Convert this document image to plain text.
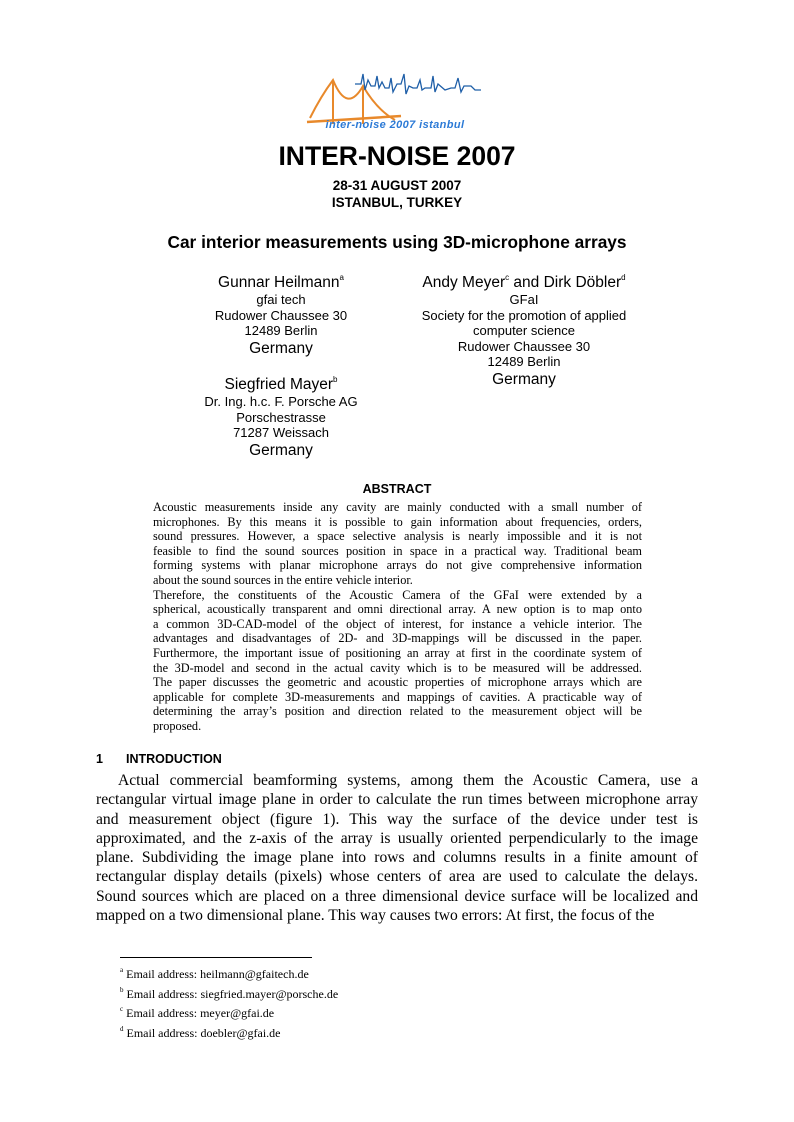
inter-noise 2007 istanbul
INTER-NOISE 2007
28-31 AUGUST 2007
ISTANBUL, TURKEY
Car interior measurements using 3D-microphone arrays
Gunnar Heilmann$^a$
gfai tech
Rudower Chaussee 30
12489 Berlin
Germany
Andy Meyer$^c$ and Dirk Döbler$^d$
GFaI
Society for the promotion of applied
computer science
Rudower Chaussee 30
12489 Berlin
Germany
Siegfried Mayer$^b$
Dr. Ing. h.c. F. Porsche AG
Porschestrasse
71287 Weissach
Germany
ABSTRACT

Acoustic measurements inside any cavity are mainly conducted with a small number of
microphones. By this means it is possible to gain information about frequencies, orders,
sound pressures. However, a space selective analysis is nearly impossible and it is not
feasible to find the sound sources position in space in a practical way. Traditional beam
forming systems with planar microphone arrays do not give comprehensive information
about the sound sources in the entire vehicle interior.

Therefore, the constituents of the Acoustic Camera of the GFaI were extended by a
spherical, acoustically transparent and omni directional array. A new option is to map onto
a common 3D-CAD-model of the object of interest, for instance a vehicle interior. The
advantages and disadvantages of 2D- and 3D-mappings will be discussed in the paper.
Furthermore, the important issue of positioning an array at first in the coordinate system of
the 3D-model and second in the actual cavity which is to be measured will be addressed.
The paper discusses the geometric and acoustic properties of microphone arrays which are
applicable for complete 3D-measurements and mappings of cavities. A practicable way of
determining the array’s position and direction related to the measurement object will be
proposed.

1 INTRODUCTION
Actual commercial beamforming systems, among them the Acoustic Camera, use a
rectangular virtual image plane in order to calculate the run times between microphone array
and measurement object (figure 1). This way the surface of the device under test is
approximated, and the z-axis of the array is usually oriented perpendicularly to the image
plane. Subdividing the image plane into rows and columns results in a finite amount of
rectangular display details (pixels) whose centers of area are used to calculate the delays.
Sound sources which are placed on a three dimensional device surface will be localized and
mapped on a two dimensional plane. This way causes two errors: At first, the focus of the
$^a$ Email address: heilmann@gfaitech.de
$^b$ Email address: siegfried.mayer@porsche.de
$^c$ Email address: meyer@gfai.de
$^d$ Email address: doebler@gfai.de
